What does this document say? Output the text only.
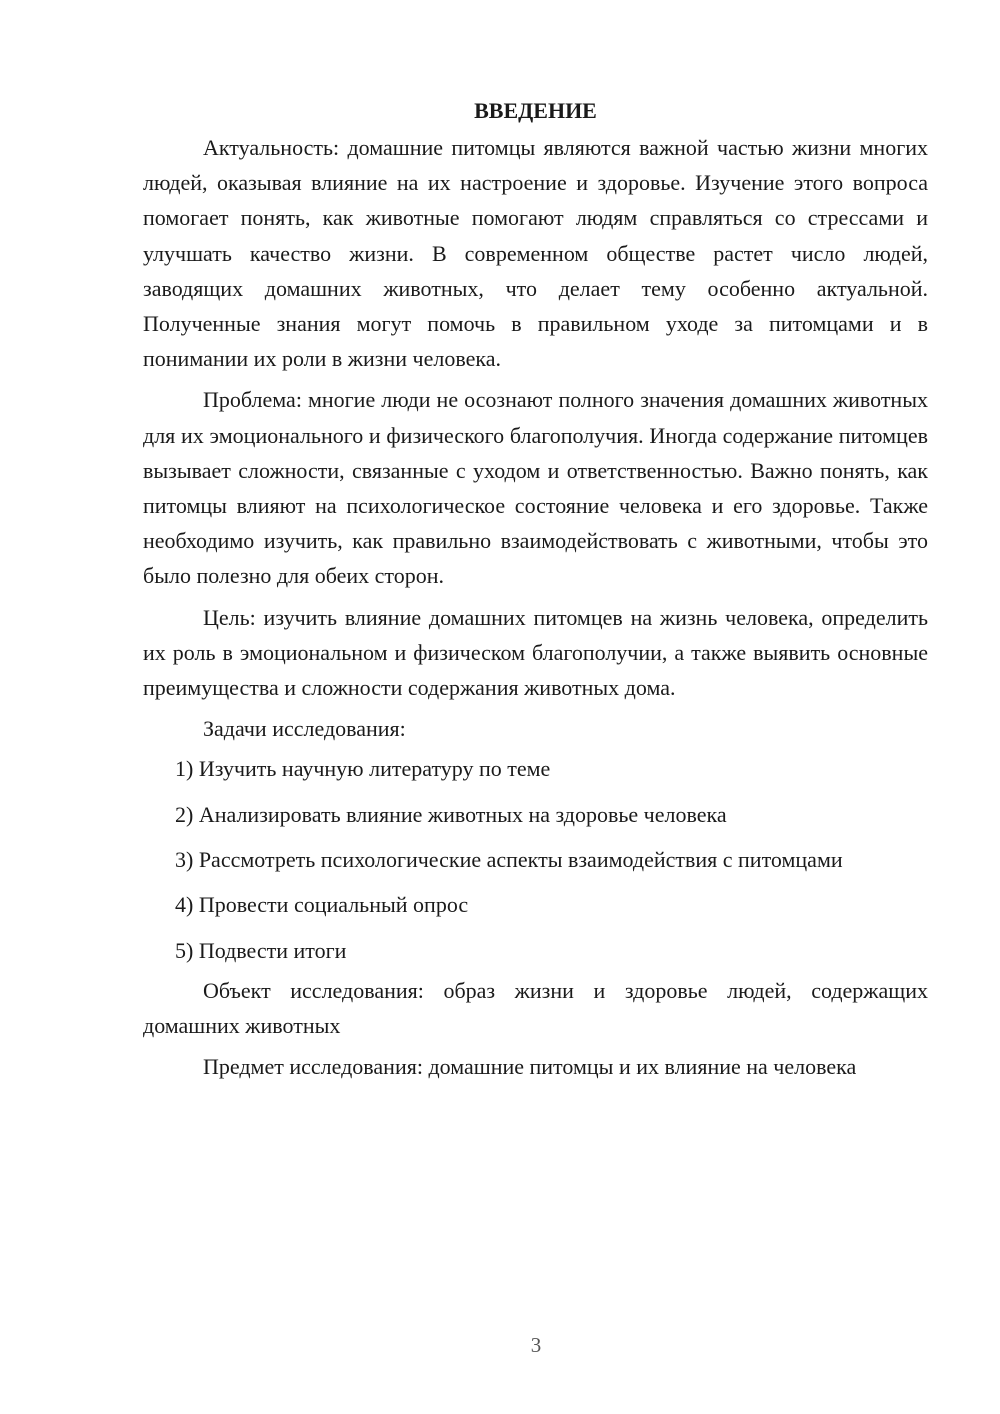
ВВЕДЕНИЕ

Актуальность: домашние питомцы являются важной частью жизни многих людей, оказывая влияние на их настроение и здоровье. Изучение этого вопроса помогает понять, как животные помогают людям справляться со стрессами и улучшать качество жизни. В современном обществе растет число людей, заводящих домашних животных, что делает тему особенно актуальной. Полученные знания могут помочь в правильном уходе за питомцами и в понимании их роли в жизни человека.

Проблема: многие люди не осознают полного значения домашних животных для их эмоционального и физического благополучия. Иногда содержание питомцев вызывает сложности, связанные с уходом и ответственностью. Важно понять, как питомцы влияют на психологическое состояние человека и его здоровье. Также необходимо изучить, как правильно взаимодействовать с животными, чтобы это было полезно для обеих сторон.

Цель: изучить влияние домашних питомцев на жизнь человека, определить их роль в эмоциональном и физическом благополучии, а также выявить основные преимущества и сложности содержания животных дома.

Задачи исследования:

1) Изучить научную литературу по теме
2) Анализировать влияние животных на здоровье человека
3) Рассмотреть психологические аспекты взаимодействия с питомцами
4) Провести социальный опрос
5) Подвести итоги

Объект исследования: образ жизни и здоровье людей, содержащих домашних животных

Предмет исследования: домашние питомцы и их влияние на человека

3
